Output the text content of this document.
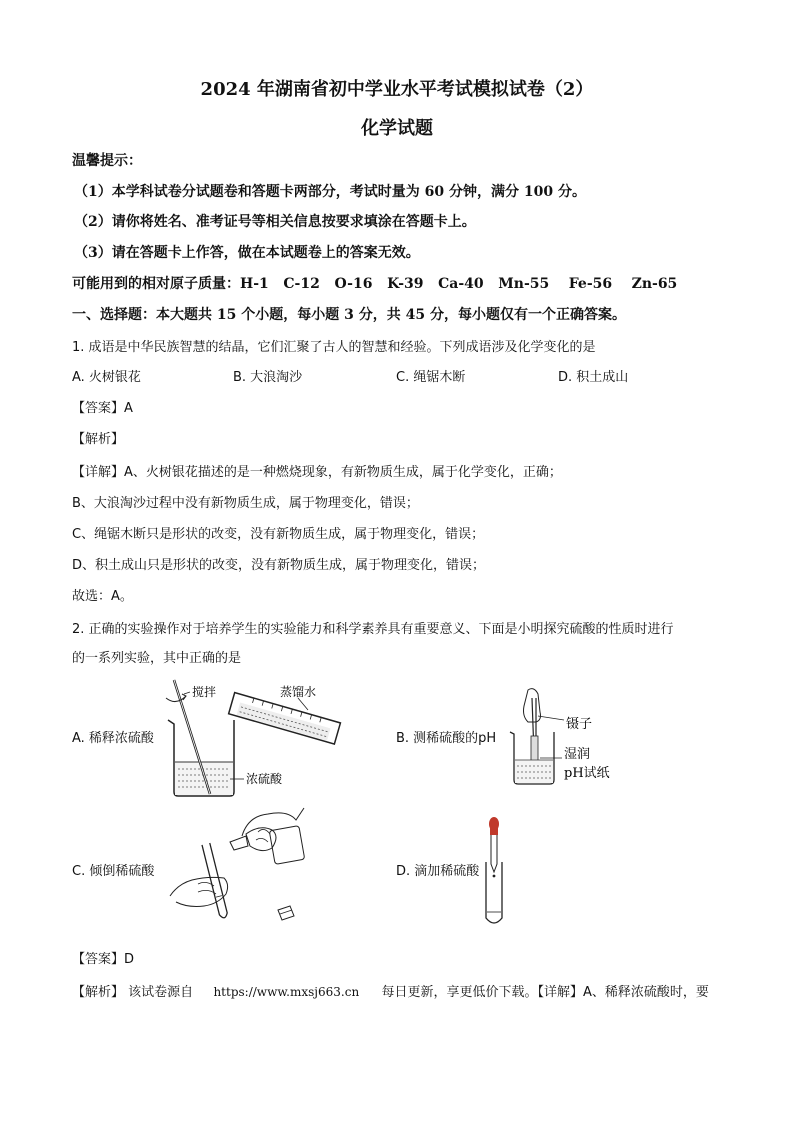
2024 年湖南省初中学业水平考试模拟试卷（2）
化学试题
温馨提示：
（1）本学科试卷分试题卷和答题卡两部分，考试时量为 60 分钟，满分 100 分。
（2）请你将姓名、准考证号等相关信息按要求填涂在答题卡上。
（3）请在答题卡上作答，做在本试题卷上的答案无效。
可能用到的相对原子质量：H-1   C-12   O-16   K-39   Ca-40   Mn-55    Fe-56    Zn-65
一、选择题：本大题共 15 个小题，每小题 3 分，共 45 分，每小题仅有一个正确答案。
1. 成语是中华民族智慧的结晶，它们汇聚了古人的智慧和经验。下列成语涉及化学变化的是
A. 火树银花	B. 大浪淘沙	C. 绳锯木断	D. 积土成山
【答案】A
【解析】
【详解】A、火树银花描述的是一种燃烧现象，有新物质生成，属于化学变化，正确；
B、大浪淘沙过程中没有新物质生成，属于物理变化，错误；
C、绳锯木断只是形状的改变，没有新物质生成，属于物理变化，错误；
D、积土成山只是形状的改变，没有新物质生成，属于物理变化，错误；
故选：A。
2. 正确的实验操作对于培养学生的实验能力和科学素养具有重要意义、下面是小明探究硫酸的性质时进行
的一系列实验，其中正确的是
A. 稀释浓硫酸
搅拌	蒸馏水
浓硫酸
B. 测稀硫酸的pH
镊子
湿润
pH试纸
C. 倾倒稀硫酸	D. 滴加稀硫酸
【答案】D
【解析】 该试卷源自 https://www.mxsj663.cn 每日更新，享更低价下载。【详解】A、稀释浓硫酸时，要
